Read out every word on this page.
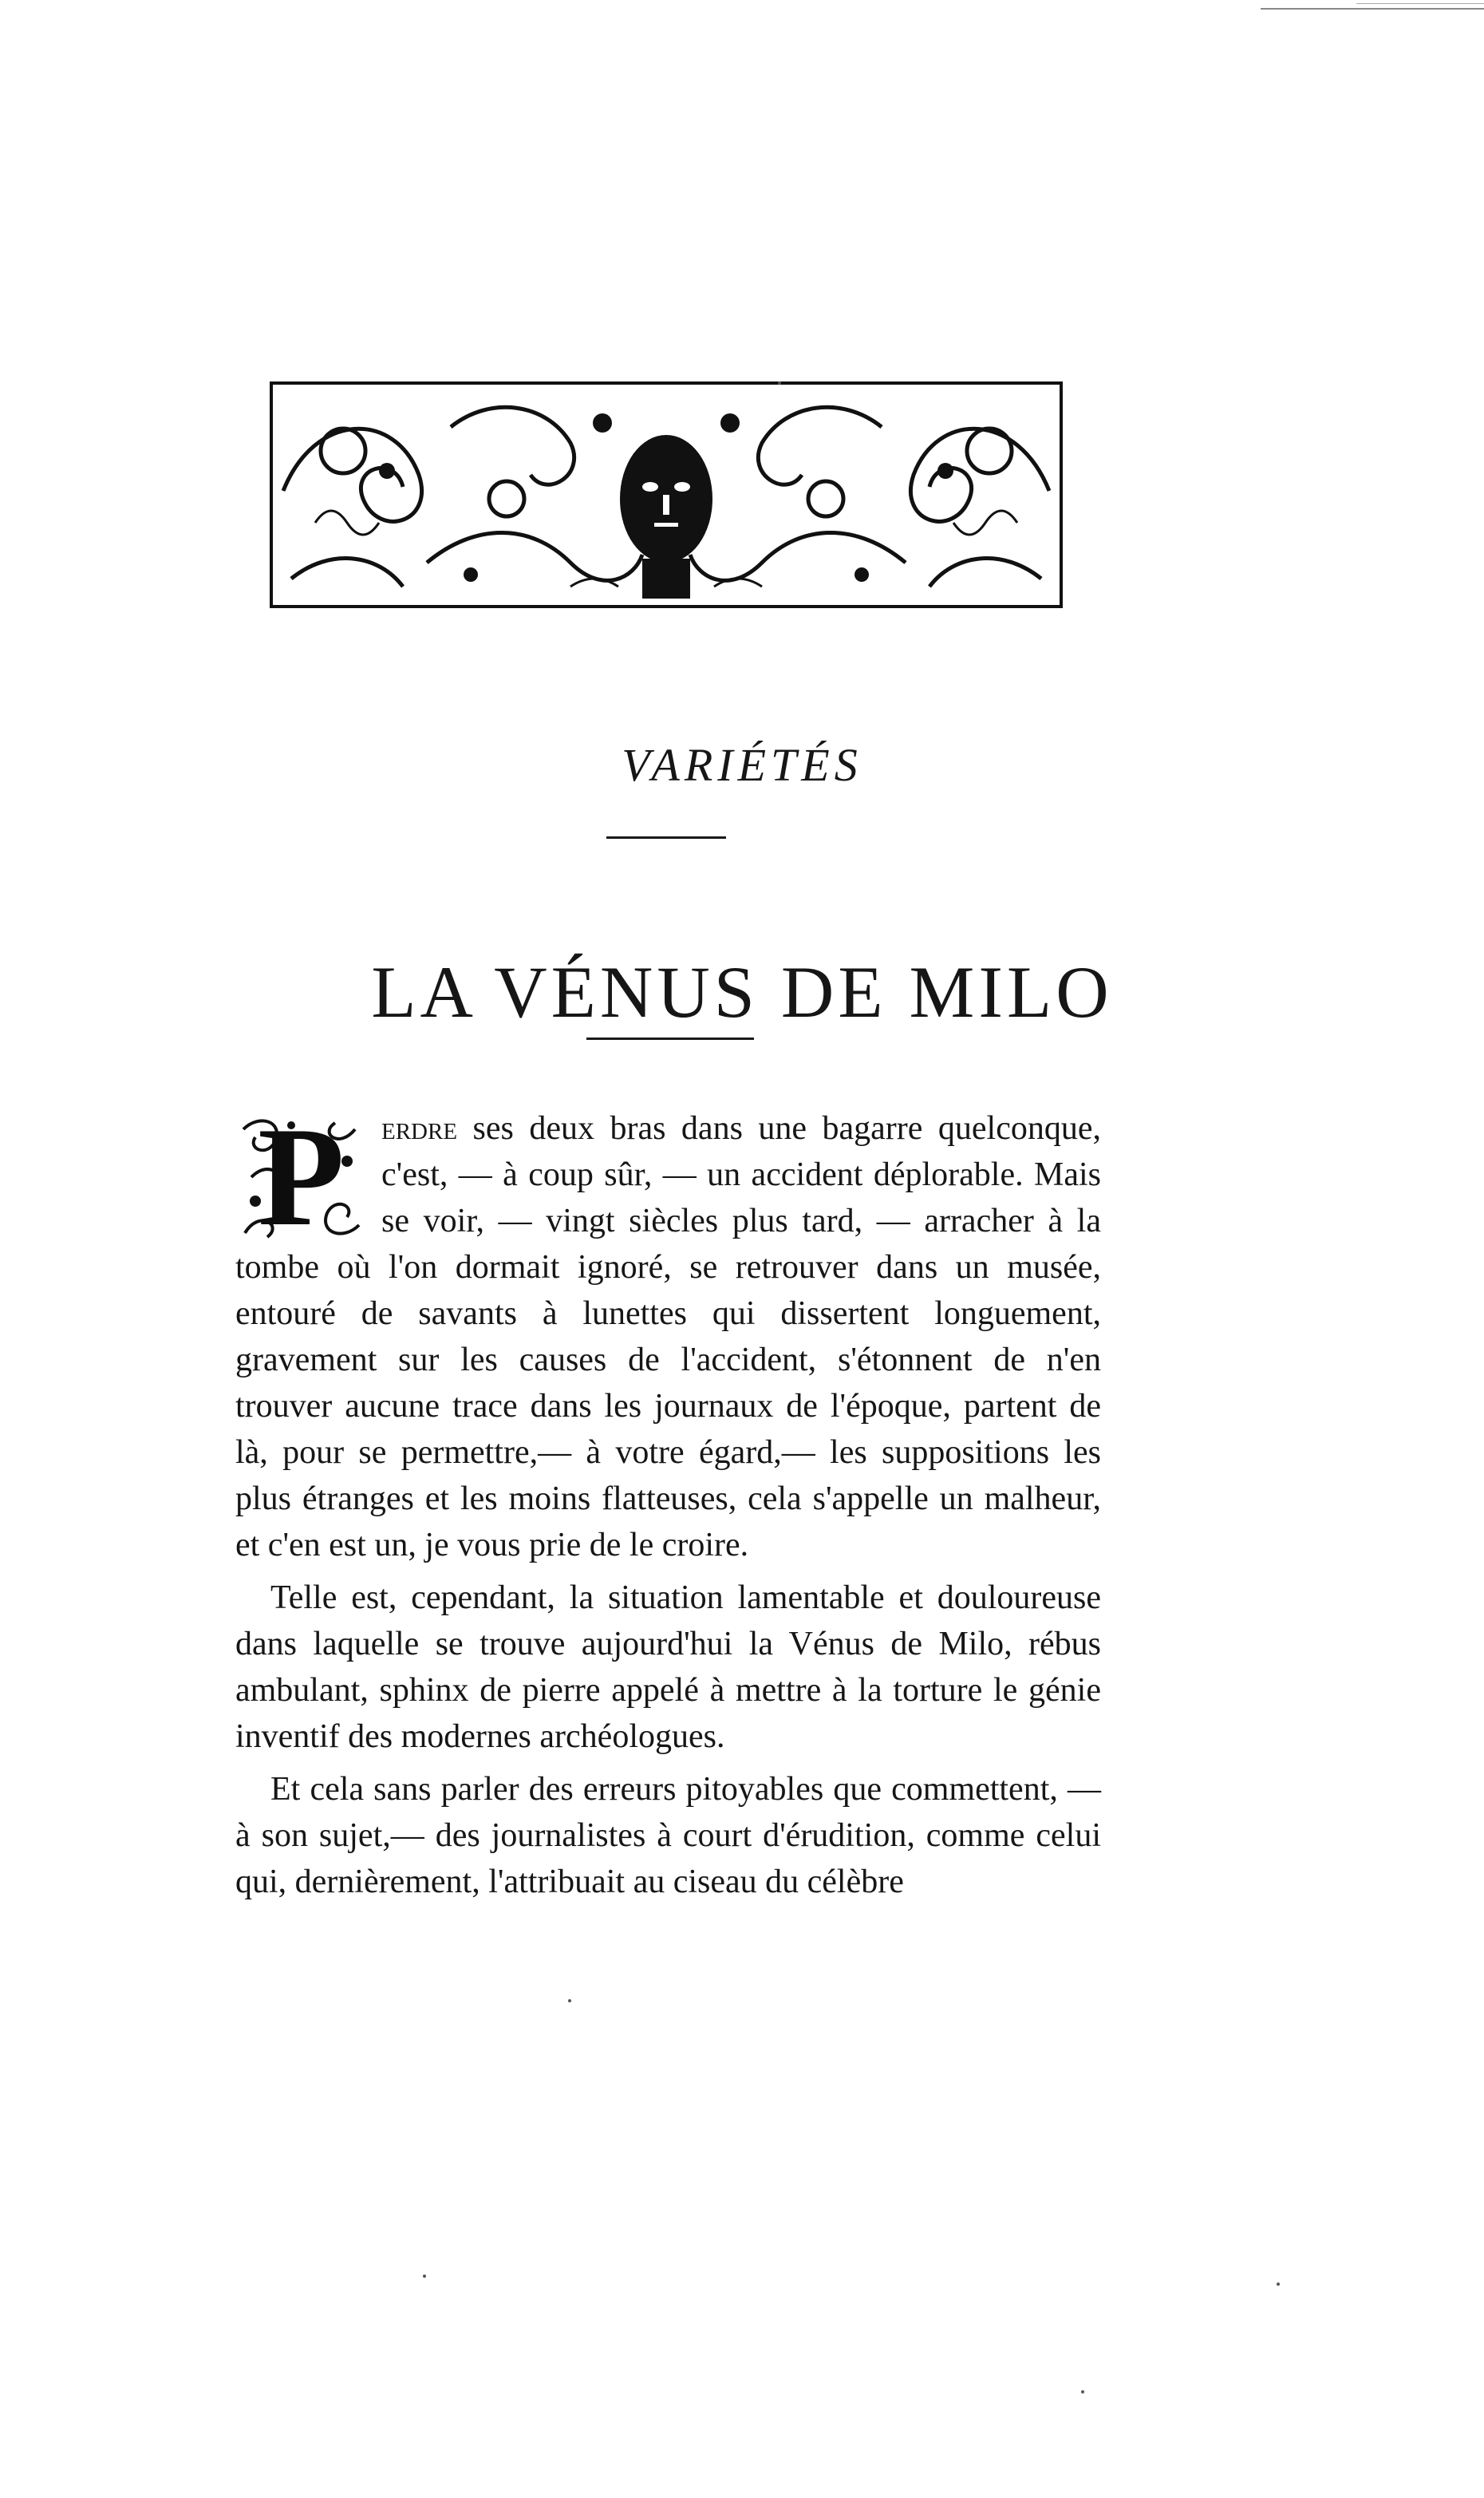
VARIÉTÉS
LA VÉNUS DE MILO
P	erdre ses deux bras dans une bagarre quelconque, c'est, — à coup sûr, — un accident déplorable. Mais se voir, — vingt siècles plus tard, — arracher à la tombe où l'on dormait ignoré, se retrouver dans un musée, entouré de savants à lunettes qui dissertent longuement, gravement sur les causes de l'accident, s'étonnent de n'en trouver aucune trace dans les journaux de l'époque, partent de là, pour se permettre,— à votre égard,— les suppositions les plus étranges et les moins flatteuses, cela s'appelle un malheur, et c'en est un, je vous prie de le croire.

Telle est, cependant, la situation lamentable et douloureuse dans laquelle se trouve aujourd'hui la Vénus de Milo, rébus ambulant, sphinx de pierre appelé à mettre à la torture le génie inventif des modernes archéologues.

Et cela sans parler des erreurs pitoyables que commettent, — à son sujet,— des journalistes à court d'érudition, comme celui qui, dernièrement, l'attribuait au ciseau du célèbre
